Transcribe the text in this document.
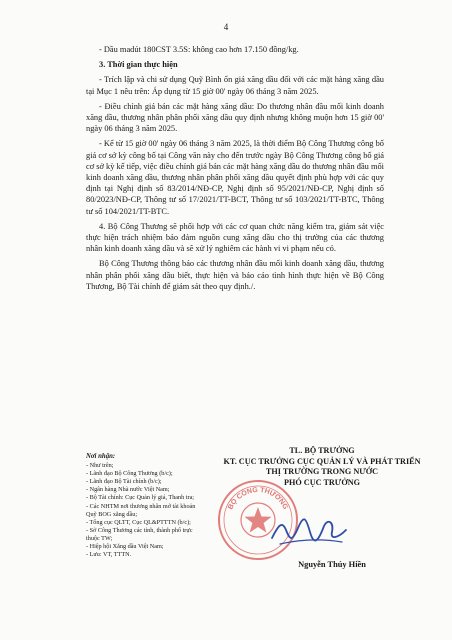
4

- Dầu madút 180CST 3.5S: không cao hơn 17.150 đồng/kg.

3. Thời gian thực hiện

- Trích lập và chi sử dụng Quỹ Bình ổn giá xăng dầu đối với các mặt hàng xăng dầu tại Mục 1 nêu trên: Áp dụng từ 15 giờ 00' ngày 06 tháng 3 năm 2025.

- Điều chỉnh giá bán các mặt hàng xăng dầu: Do thương nhân đầu mối kinh doanh xăng dầu, thương nhân phân phối xăng dầu quy định nhưng không muộn hơn 15 giờ 00' ngày 06 tháng 3 năm 2025.

- Kể từ 15 giờ 00' ngày 06 tháng 3 năm 2025, là thời điểm Bộ Công Thương công bố giá cơ sở kỳ công bố tại Công văn này cho đến trước ngày Bộ Công Thương công bố giá cơ sở kỳ kế tiếp, việc điều chỉnh giá bán các mặt hàng xăng dầu do thương nhân đầu mối kinh doanh xăng dầu, thương nhân phân phối xăng dầu quyết định phù hợp với các quy định tại Nghị định số 83/2014/NĐ-CP, Nghị định số 95/2021/NĐ-CP, Nghị định số 80/2023/NĐ-CP, Thông tư số 17/2021/TT-BCT, Thông tư số 103/2021/TT-BTC, Thông tư số 104/2021/TT-BTC.

4. Bộ Công Thương sẽ phối hợp với các cơ quan chức năng kiểm tra, giám sát việc thực hiện trách nhiệm bảo đảm nguồn cung xăng dầu cho thị trường của các thương nhân kinh doanh xăng dầu và sẽ xử lý nghiêm các hành vi vi phạm nếu có.

Bộ Công Thương thông báo các thương nhân đầu mối kinh doanh xăng dầu, thương nhân phân phối xăng dầu biết, thực hiện và báo cáo tình hình thực hiện về Bộ Công Thương, Bộ Tài chính để giám sát theo quy định./.

Nơi nhận:
- Như trên;
- Lãnh đạo Bộ Công Thương (b/c);
- Lãnh đạo Bộ Tài chính (b/c);
- Ngân hàng Nhà nước Việt Nam;
- Bộ Tài chính: Cục Quản lý giá, Thanh tra;
- Các NHTM nơi thương nhân mở tài khoản Quỹ BOG xăng dầu;
- Tổng cục QLTT, Cục QL&PTTTN (b/c);
- Sở Công Thương các tỉnh, thành phố trực thuộc TW;
- Hiệp hội Xăng dầu Việt Nam;
- Lưu: VT, TTTN.
TL. BỘ TRƯỞNG
KT. CỤC TRƯỞNG CỤC QUẢN LÝ VÀ PHÁT TRIỂN
THỊ TRƯỜNG TRONG NƯỚC
PHÓ CỤC TRƯỞNG
BỘ CÔNG THƯƠNG
Nguyễn Thúy Hiền
